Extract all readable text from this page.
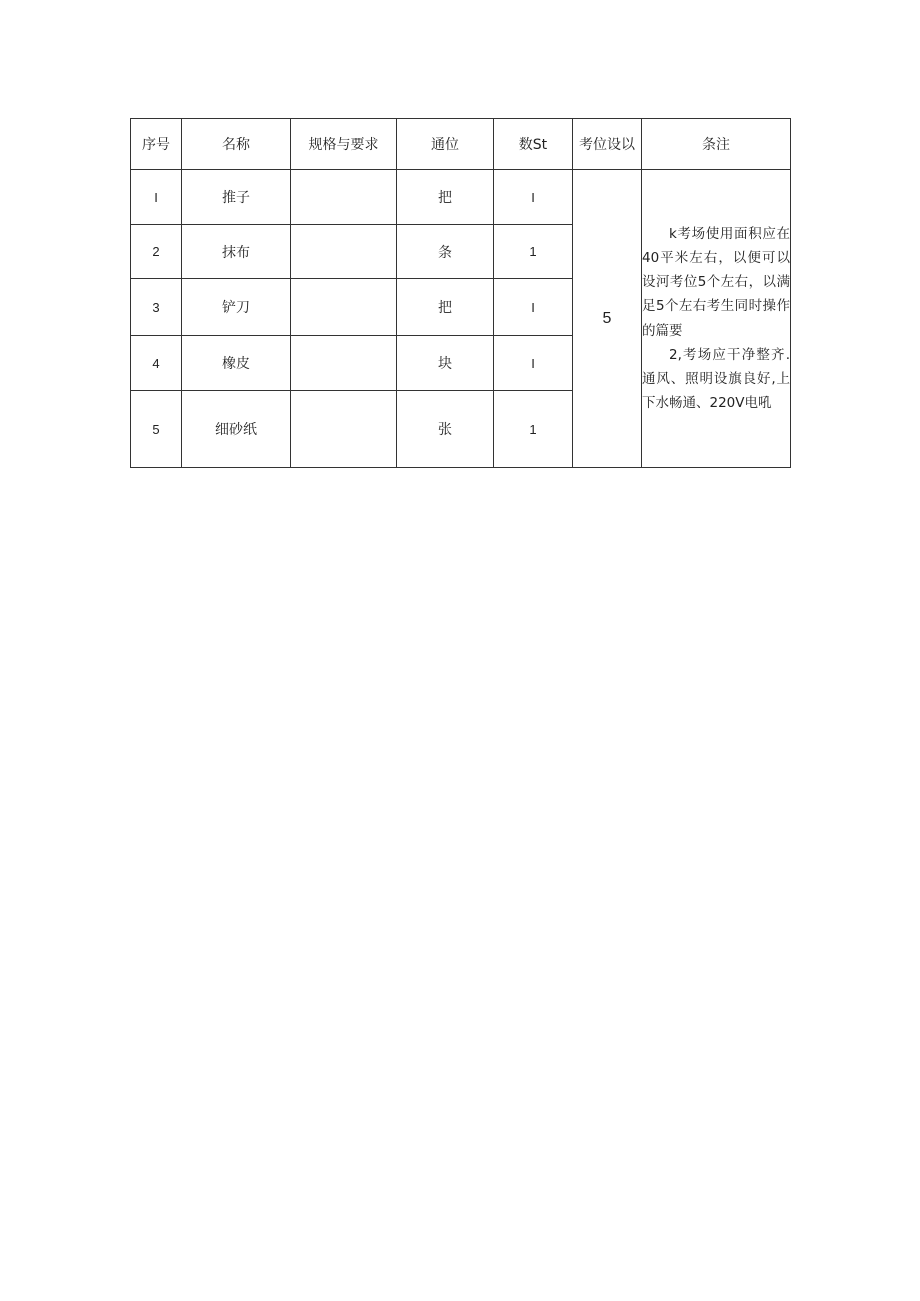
序号	名称	规格与要求	通位	数St	考位设以	条注
I	推子		把	I	5	k考场使用面积应在40平米左右，以便可以设河考位5个左右，以满足5个左右考生同时操作的篇要
2,考场应干净整齐.通风、照明设旗良好,上下水畅通、220V电吼

2	抹布		条	1		
3	铲刀		把	I		
4	橡皮		块	I		
5	细砂纸		张	1		
